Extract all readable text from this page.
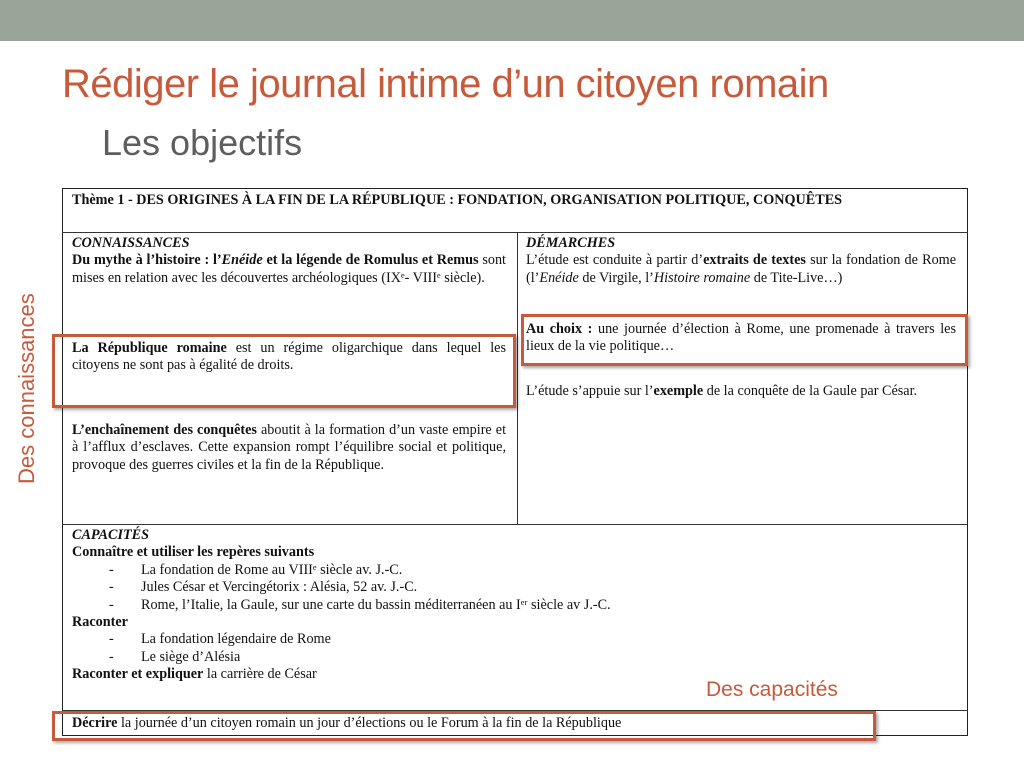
Rédiger le journal intime d’un citoyen romain
Les objectifs
Des connaissances
Thème 1 - DES ORIGINES À LA FIN DE LA RÉPUBLIQUE : FONDATION, ORGANISATION POLITIQUE, CONQUÊTES
CONNAISSANCES
Du mythe à l’histoire : l’Enéide et la légende de Romulus et Remus sont mises en relation avec les découvertes archéologiques (IXᵉ- VIIIᵉ siècle).
La République romaine est un régime oligarchique dans lequel les citoyens ne sont pas à égalité de droits.
L’enchaînement des conquêtes aboutit à la formation d’un vaste empire et à l’afflux d’esclaves. Cette expansion rompt l’équilibre social et politique, provoque des guerres civiles et la fin de la République.
DÉMARCHES
L’étude est conduite à partir d’extraits de textes sur la fondation de Rome (l’Enéide de Virgile, l’Histoire romaine de Tite-Live…)
Au choix : une journée d’élection à Rome, une promenade à travers les lieux de la vie politique…
L’étude s’appuie sur l’exemple de la conquête de la Gaule par César.
CAPACITÉS
Connaître et utiliser les repères suivants
- La fondation de Rome au VIIIᵉ siècle av. J.-C.
- Jules César et Vercingétorix : Alésia, 52 av. J.-C.
- Rome, l’Italie, la Gaule, sur une carte du bassin méditerranéen au Iᵉʳ siècle av J.-C.
Raconter
- La fondation légendaire de Rome
- Le siège d’Alésia
Raconter et expliquer la carrière de César
Décrire la journée d’un citoyen romain un jour d’élections ou le Forum à la fin de la République
Des capacités
